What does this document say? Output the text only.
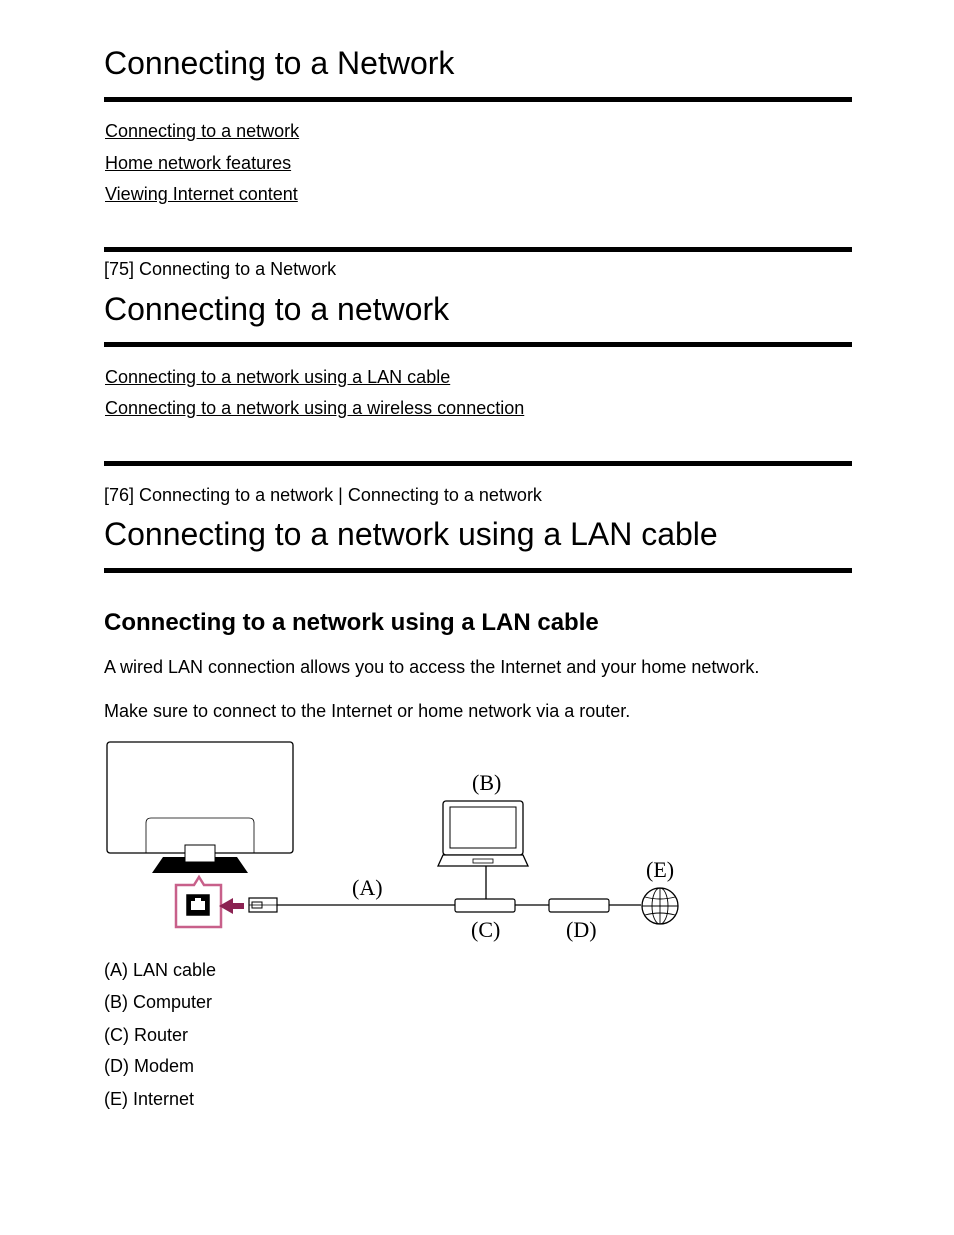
Connecting to a Network
Connecting to a network
Home network features
Viewing Internet content
[75] Connecting to a Network
Connecting to a network
Connecting to a network using a LAN cable
Connecting to a network using a wireless connection
[76] Connecting to a network | Connecting to a network
Connecting to a network using a LAN cable
Connecting to a network using a LAN cable
A wired LAN connection allows you to access the Internet and your home network.
Make sure to connect to the Internet or home network via a router.
(A)
(B)
(C)	(D)
(E)
(A) LAN cable
(B) Computer
(C) Router
(D) Modem
(E) Internet
